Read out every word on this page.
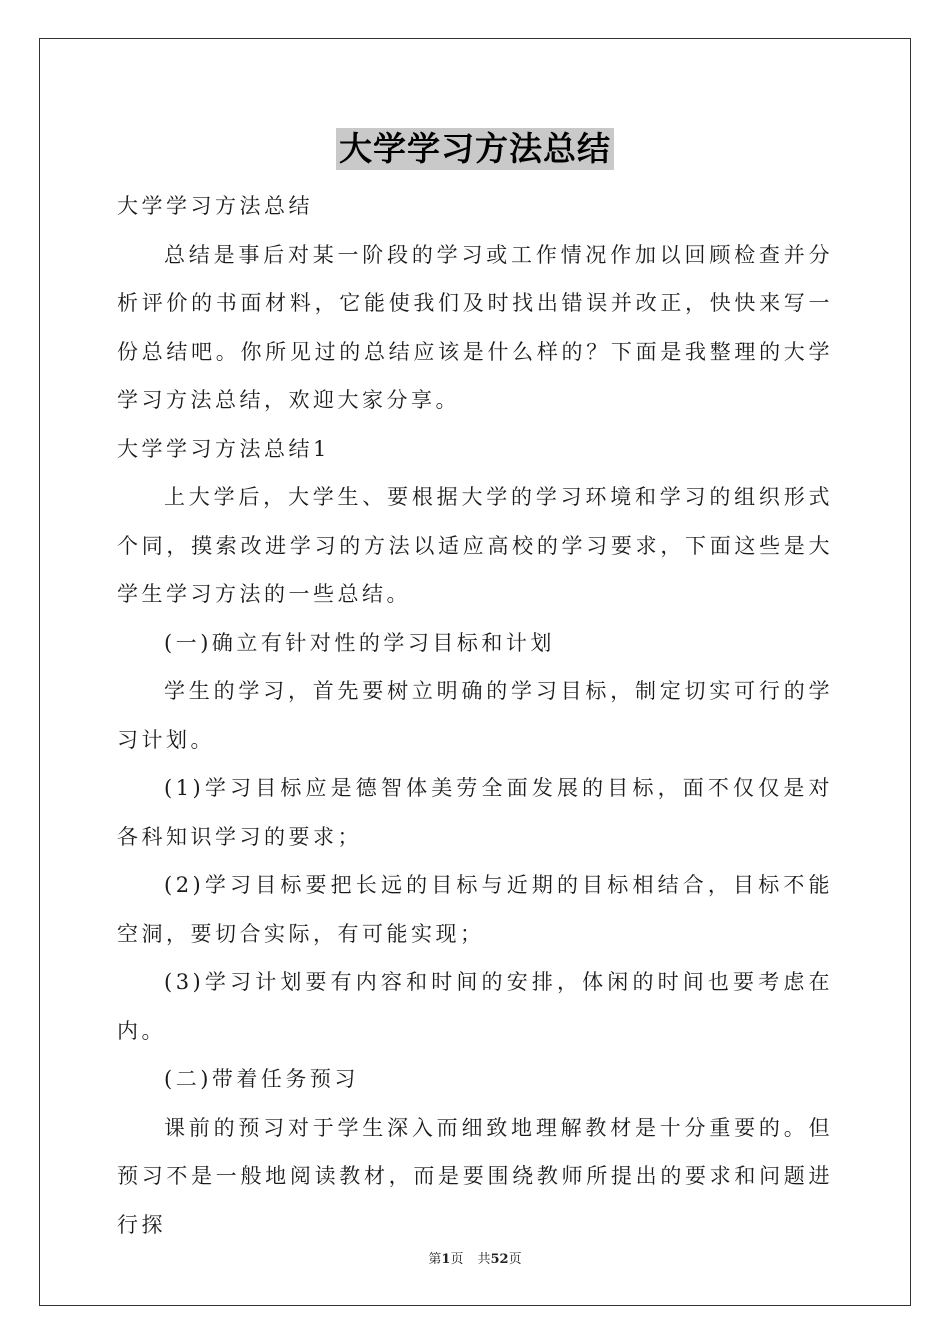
大学学习方法总结

大学学习方法总结

总结是事后对某一阶段的学习或工作情况作加以回顾检查并分析评价的书面材料，它能使我们及时找出错误并改正，快快来写一份总结吧。你所见过的总结应该是什么样的？下面是我整理的大学学习方法总结，欢迎大家分享。

大学学习方法总结1

上大学后，大学生、要根据大学的学习环境和学习的组织形式个同，摸索改进学习的方法以适应高校的学习要求，下面这些是大学生学习方法的一些总结。

(一)确立有针对性的学习目标和计划

学生的学习，首先要树立明确的学习目标，制定切实可行的学习计划。

(1)学习目标应是德智体美劳全面发展的目标，面不仅仅是对各科知识学习的要求；

(2)学习目标要把长远的目标与近期的目标相结合，目标不能空洞，要切合实际，有可能实现；

(3)学习计划要有内容和时间的安排，体闲的时间也要考虑在内。

(二)带着任务预习

课前的预习对于学生深入而细致地理解教材是十分重要的。但预习不是一般地阅读教材，而是要围绕教师所提出的要求和问题进行探

第1页 共52页
